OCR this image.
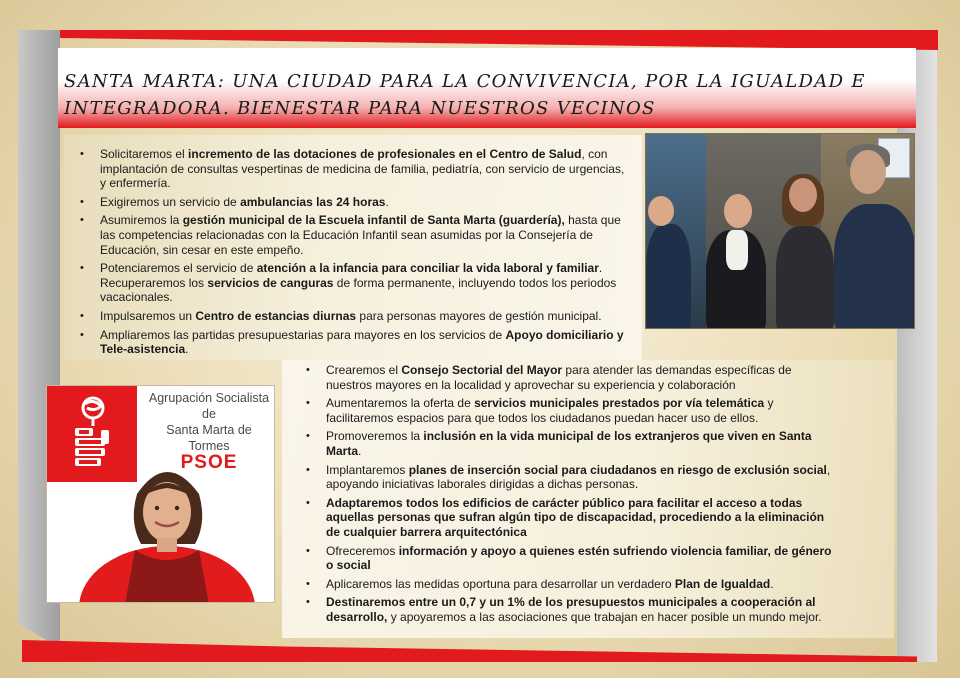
SANTA MARTA: UNA CIUDAD PARA LA CONVIVENCIA, POR LA IGUALDAD E
INTEGRADORA. BIENESTAR PARA NUESTROS VECINOS
• Solicitaremos el incremento de las dotaciones de profesionales en el Centro de Salud, con implantación de consultas vespertinas de medicina de familia, pediatría, con servicio de urgencias, y enfermería.
• Exigiremos un servicio de ambulancias las 24 horas.
• Asumiremos la gestión municipal de la Escuela infantil de Santa Marta (guardería), hasta que las competencias relacionadas con la Educación Infantil sean asumidas por la Consejería de Educación, sin cesar en este empeño.
• Potenciaremos el servicio de atención a la infancia para conciliar la vida laboral y familiar. Recuperaremos los servicios de canguras de forma permanente, incluyendo todos los periodos vacacionales.
• Impulsaremos un Centro de estancias diurnas para personas mayores de gestión municipal.
• Ampliaremos las partidas presupuestarias para mayores en los servicios de Apoyo domiciliario y Tele-asistencia.
• Crearemos el Consejo Sectorial del Mayor para atender las demandas específicas de nuestros mayores en la localidad y aprovechar su experiencia y colaboración
• Aumentaremos la oferta de servicios municipales prestados por vía telemática y facilitaremos espacios para que todos los ciudadanos puedan hacer uso de ellos.
• Promoveremos la inclusión en la vida municipal de los extranjeros que viven en Santa Marta.
• Implantaremos planes de inserción social para ciudadanos en riesgo de exclusión social, apoyando iniciativas laborales dirigidas a dichas personas.
• Adaptaremos todos los edificios de carácter público para facilitar el acceso a todas aquellas personas que sufran algún tipo de discapacidad, procediendo a la eliminación de cualquier barrera arquitectónica
• Ofreceremos información y apoyo a quienes estén sufriendo violencia familiar, de género o social
• Aplicaremos las medidas oportuna para desarrollar un verdadero Plan de Igualdad.
• Destinaremos entre un 0,7 y un 1% de los presupuestos municipales a cooperación al desarrollo, y apoyaremos a las asociaciones que trabajan en hacer posible un mundo mejor.
Agrupación Socialista
de
Santa Marta de Tormes
PSOE
